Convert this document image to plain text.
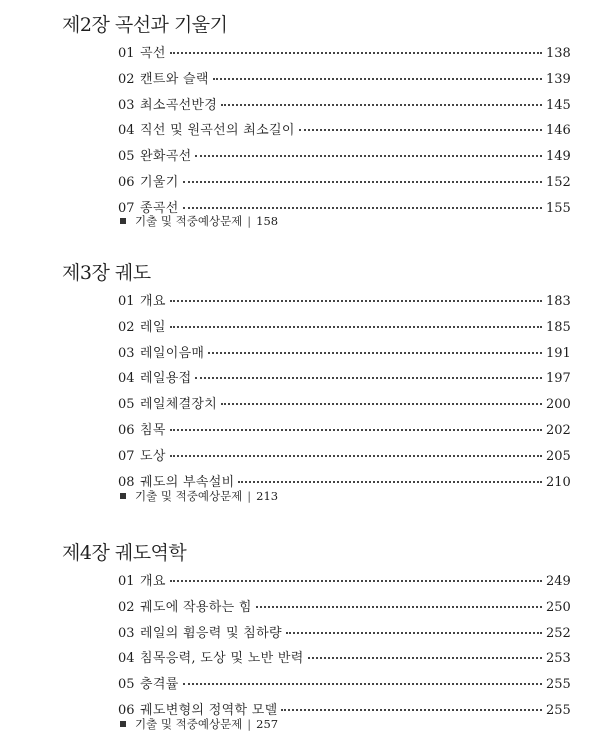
제2장 곡선과 기울기
01 곡선	138
02 캔트와 슬랙	139
03 최소곡선반경	145
04 직선 및 원곡선의 최소길이	146
05 완화곡선	149
06 기울기	152
07 종곡선	155
기출 및 적중예상문제 | 158
제3장 궤도
01 개요	183
02 레일	185
03 레일이음매	191
04 레일용접	197
05 레일체결장치	200
06 침목	202
07 도상	205
08 궤도의 부속설비	210
기출 및 적중예상문제 | 213
제4장 궤도역학
01 개요	249
02 궤도에 작용하는 힘	250
03 레일의 휨응력 및 침하량	252
04 침목응력, 도상 및 노반 반력	253
05 충격률	255
06 궤도변형의 정역학 모델	255
기출 및 적중예상문제 | 257
